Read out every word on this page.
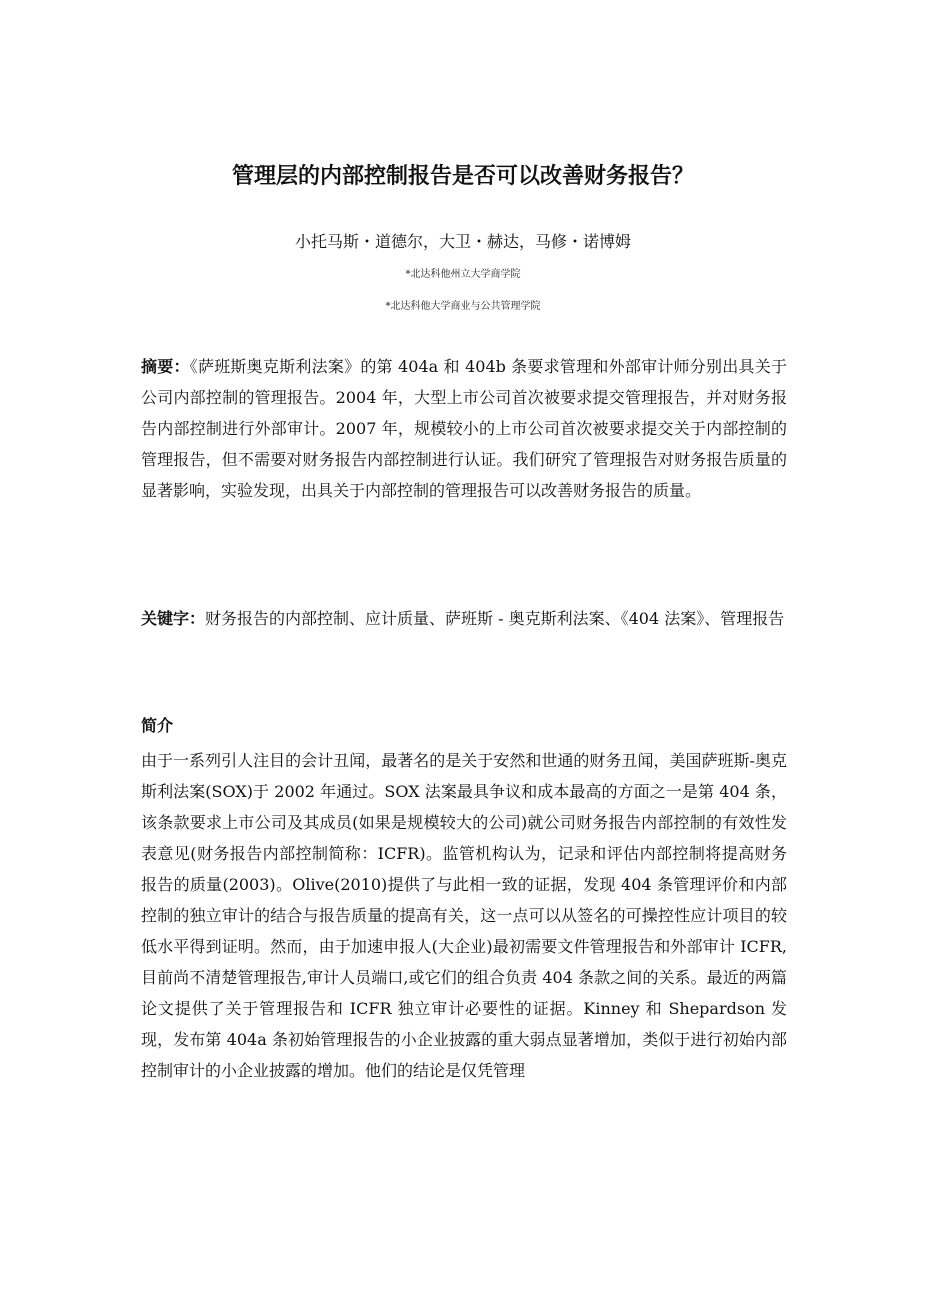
管理层的内部控制报告是否可以改善财务报告？
小托马斯・道德尔，大卫・赫达，马修・诺博姆
*北达科他州立大学商学院
*北达科他大学商业与公共管理学院
摘要：《萨班斯奥克斯利法案》的第 404a 和 404b 条要求管理和外部审计师分别出具关于公司内部控制的管理报告。2004 年，大型上市公司首次被要求提交管理报告，并对财务报告内部控制进行外部审计。2007 年，规模较小的上市公司首次被要求提交关于内部控制的管理报告，但不需要对财务报告内部控制进行认证。我们研究了管理报告对财务报告质量的显著影响，实验发现，出具关于内部控制的管理报告可以改善财务报告的质量。
关键字：财务报告的内部控制、应计质量、萨班斯 - 奥克斯利法案、《404 法案》、管理报告
简介
由于一系列引人注目的会计丑闻，最著名的是关于安然和世通的财务丑闻，美国萨班斯-奥克斯利法案(SOX)于 2002 年通过。SOX 法案最具争议和成本最高的方面之一是第 404 条，该条款要求上市公司及其成员(如果是规模较大的公司)就公司财务报告内部控制的有效性发表意见(财务报告内部控制简称：ICFR)。监管机构认为，记录和评估内部控制将提高财务报告的质量(2003)。Olive(2010)提供了与此相一致的证据，发现 404 条管理评价和内部控制的独立审计的结合与报告质量的提高有关，这一点可以从签名的可操控性应计项目的较低水平得到证明。然而，由于加速申报人(大企业)最初需要文件管理报告和外部审计 ICFR,目前尚不清楚管理报告,审计人员端口,或它们的组合负责 404 条款之间的关系。最近的两篇论文提供了关于管理报告和 ICFR 独立审计必要性的证据。Kinney 和 Shepardson 发现，发布第 404a 条初始管理报告的小企业披露的重大弱点显著增加，类似于进行初始内部控制审计的小企业披露的增加。他们的结论是仅凭管理
